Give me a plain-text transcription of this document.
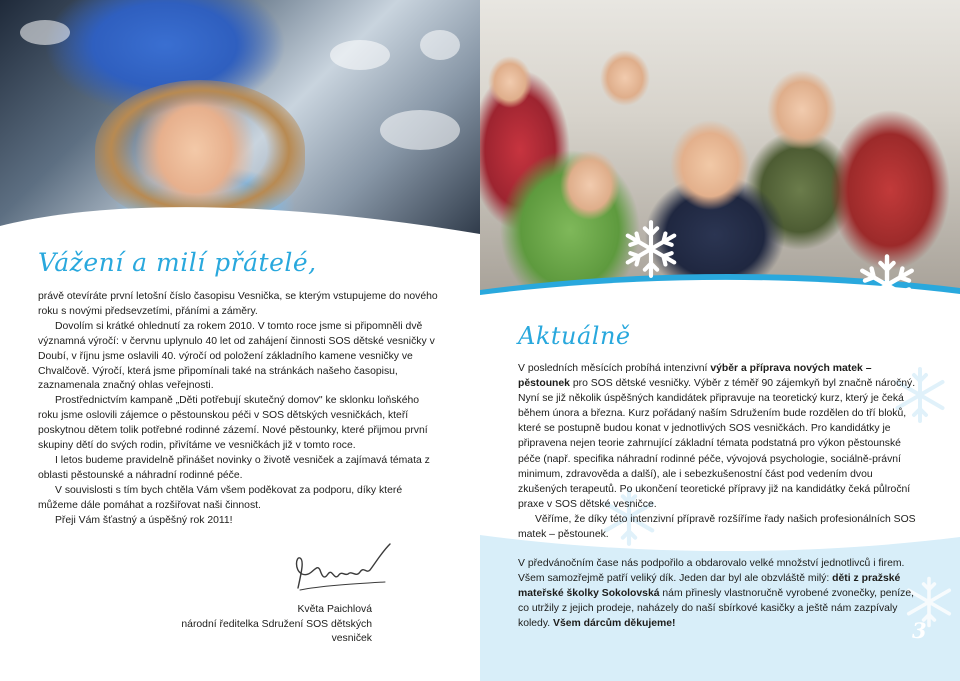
Vážení a milí přátelé,

právě otevíráte první letošní číslo časopisu Vesnička, se kterým vstupujeme do nového roku s novými předsevzetími, přáními a záměry.

Dovolím si krátké ohlednutí za rokem 2010. V tomto roce jsme si připomněli dvě významná výročí: v červnu uplynulo 40 let od zahájení činnosti SOS dětské vesničky v Doubí, v říjnu jsme oslavili 40. výročí od položení základního kamene vesničky ve Chvalčově. Výročí, která jsme připomínali také na stránkách našeho časopisu, zaznamenala značný ohlas veřejnosti.

Prostřednictvím kampaně „Děti potřebují skutečný domov" ke sklonku loňského roku jsme oslovili zájemce o pěstounskou péči v SOS dětských vesničkách, kteří poskytnou dětem tolik potřebné rodinné zázemí. Nové pěstounky, které přijmou první skupiny dětí do svých rodin, přivítáme ve vesničkách již v tomto roce.

I letos budeme pravidelně přinášet novinky o životě vesniček a zajímavá témata z oblasti pěstounské a náhradní rodinné péče.

V souvislosti s tím bych chtěla Vám všem poděkovat za podporu, díky které můžeme dále pomáhat a rozšiřovat naši činnost.

Přeji Vám šťastný a úspěšný rok 2011!

Květa Paichlová
národní ředitelka Sdružení SOS dětských vesniček
Aktuálně

V posledních měsících probíhá intenzivní výběr a příprava nových matek – pěstounek pro SOS dětské vesničky. Výběr z téměř 90 zájemkyň byl značně náročný. Nyní se již několik úspěšných kandidátek připravuje na teoretický kurz, který je čeká během února a března. Kurz pořádaný naším Sdružením bude rozdělen do tří bloků, které se postupně budou konat v jednotlivých SOS vesničkách. Pro kandidátky je připravena nejen teorie zahrnující základní témata podstatná pro výkon pěstounské péče (např. specifika náhradní rodinné péče, vývojová psychologie, sociálně-právní minimum, zdravověda a další), ale i sebezkušenostní část pod vedením dvou zkušených terapeutů. Po ukončení teoretické přípravy již na kandidátky čeká půlroční praxe v SOS dětské vesničce.

Věříme, že díky této intenzivní přípravě rozšíříme řady našich profesionálních SOS matek – pěstounek.

V předvánočním čase nás podpořilo a obdarovalo velké množství jednotlivců i firem. Všem samozřejmě patří veliký dík. Jeden dar byl ale obzvláště milý: děti z pražské mateřské školky Sokolovská nám přinesly vlastnoručně vyrobené zvonečky, peníze, co utržily z jejich prodeje, naházely do naší sbírkové kasičky a ještě nám zazpívaly koledy. Všem dárcům děkujeme!	3
